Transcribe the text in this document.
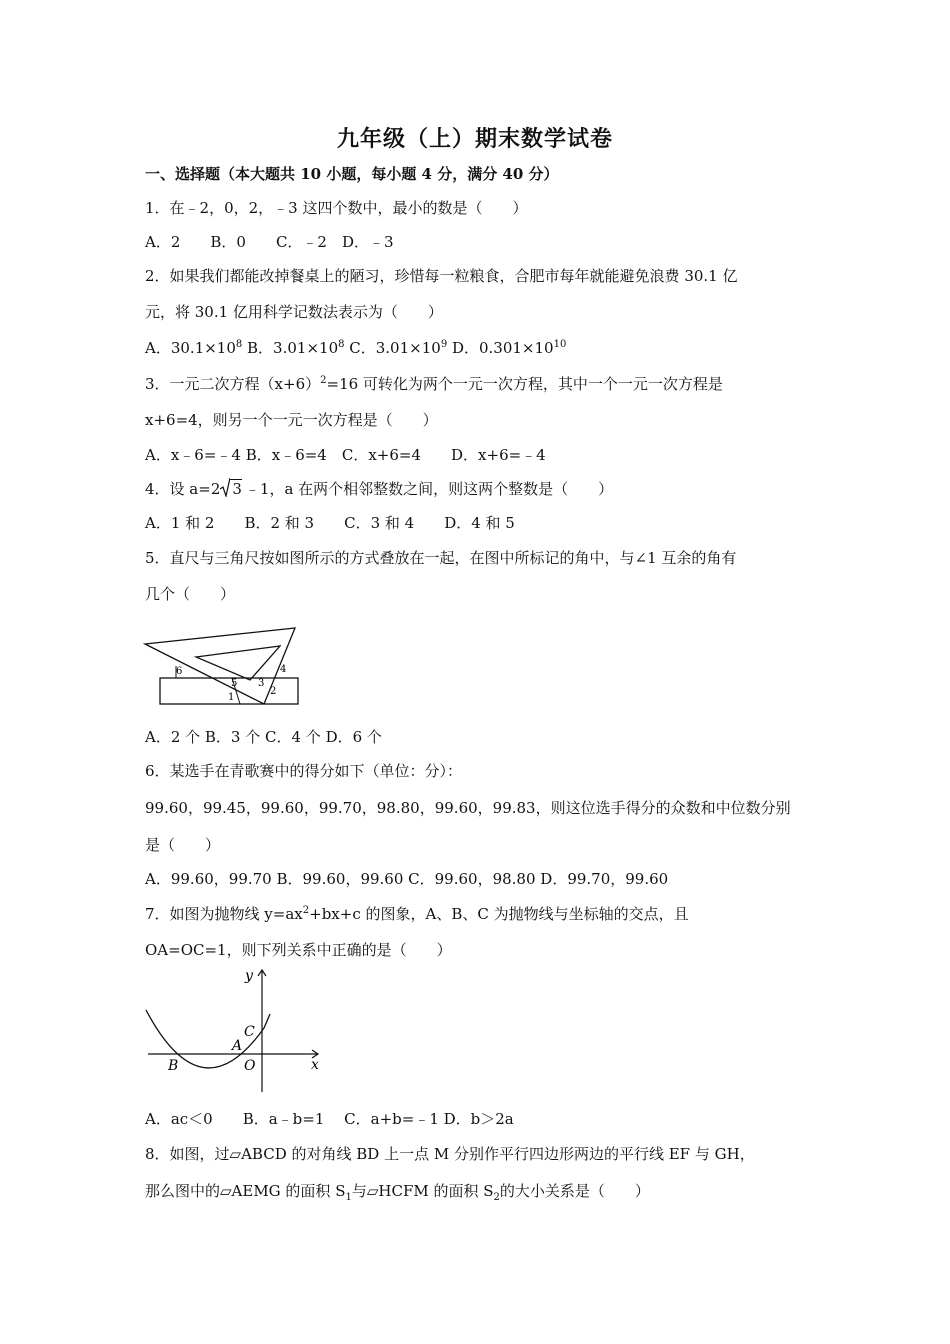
九年级（上）期末数学试卷
一、选择题（本大题共 10 小题，每小题 4 分，满分 40 分）
1．在﹣2，0，2，﹣3 这四个数中，最小的数是（　　）
A．2　　B．0　　C．﹣2　D．﹣3
2．如果我们都能改掉餐桌上的陋习，珍惜每一粒粮食，合肥市每年就能避免浪费 30.1 亿
元，将 30.1 亿用科学记数法表示为（　　）
A．$30.1\times 10^8$ B．$3.01\times 10^8$ C．$3.01\times 10^9$ D．$0.301\times 10^{10}$
3．一元二次方程$(x+6)^2=16$ 可转化为两个一元一次方程，其中一个一元一次方程是
x+6=4，则另一个一元一次方程是（　　）
A．x﹣6=﹣4 B．x﹣6=4　C．x+6=4　　D．x+6=﹣4
4．设 a=2 3 ﹣1，a 在两个相邻整数之间，则这两个整数是（　　）
A．1 和 2　　B．2 和 3　　C．3 和 4　　D．4 和 5
5．直尺与三角尺按如图所示的方式叠放在一起，在图中所标记的角中，与∠1 互余的角有
几个（　　）
6
5
4
3
2
1
A．2 个 B．3 个 C．4 个 D．6 个
6．某选手在青歌赛中的得分如下（单位：分）：
99.60，99.45，99.60，99.70，98.80，99.60，99.83，则这位选手得分的众数和中位数分别
是（　　）
A．99.60，99.70 B．99.60，99.60 C．99.60，98.80 D．99.70，99.60
7．如图为抛物线 $y=ax^2+bx+c$ 的图象，A、B、C 为抛物线与坐标轴的交点，且
OA=OC=1，则下列关系中正确的是（　　）
y
x
C
A
O
B
A．ac＜0　　B．a﹣b=1　 C．a+b=﹣1 D．b＞2a
8．如图，过▱ABCD 的对角线 BD 上一点 M 分别作平行四边形两边的平行线 EF 与 GH，
那么图中的▱AEMG 的面积 $S_1$与▱HCFM 的面积 $S_2$的大小关系是（　　）
